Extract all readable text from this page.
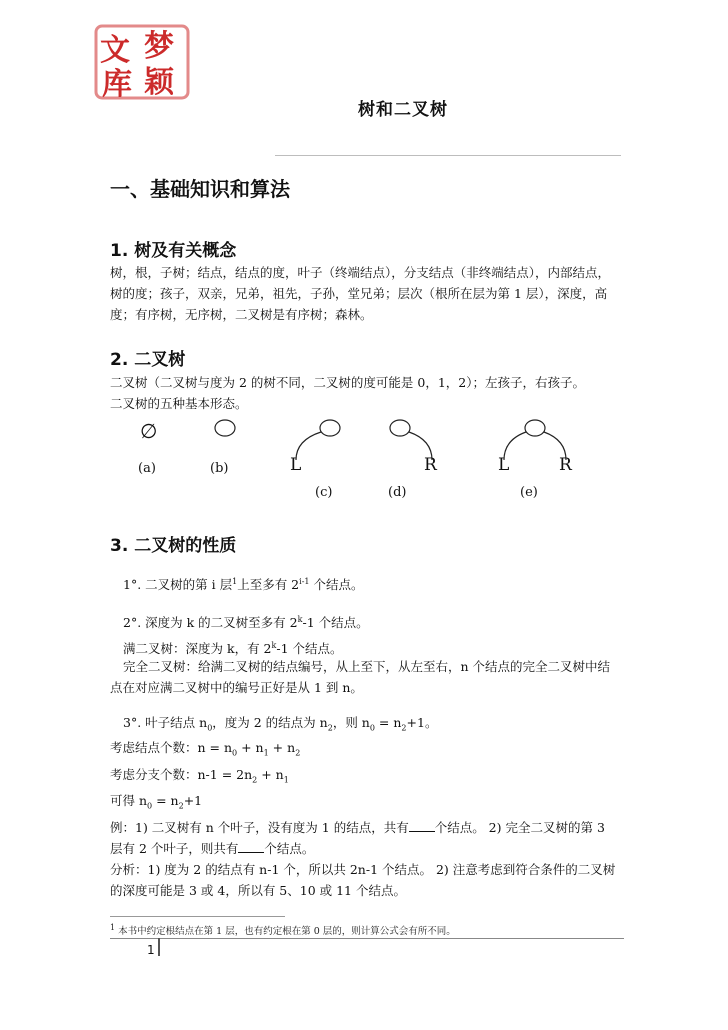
文 梦
库 颖
树和二叉树
一、基础知识和算法
1. 树及有关概念
树，根，子树；结点，结点的度，叶子（终端结点），分支结点（非终端结点），内部结点，
树的度；孩子，双亲，兄弟，祖先，子孙，堂兄弟；层次（根所在层为第 1 层），深度，高
度；有序树，无序树，二叉树是有序树；森林。
2. 二叉树
二叉树（二叉树与度为 2 的树不同，二叉树的度可能是 0，1，2）；左孩子，右孩子。
二叉树的五种基本形态。
∅
L	R	L	R
(a)	(b)
(c)	(d)	(e)
3. 二叉树的性质
1°. 二叉树的第 i 层$^1$上至多有 2$^{i-1}$ 个结点。
2°. 深度为 k 的二叉树至多有 2$^k$-1 个结点。
满二叉树：深度为 k，有 2$^k$-1 个结点。
完全二叉树：给满二叉树的结点编号，从上至下，从左至右，n 个结点的完全二叉树中结
点在对应满二叉树中的编号正好是从 1 到 n。
3°. 叶子结点 $n_0$，度为 2 的结点为 $n_2$，则 $n_0 = n_2+1$。
考虑结点个数：$n = n_0 + n_1 + n_2$
考虑分支个数：$n-1 = 2n_2 + n_1$
可得 $n_0 = n_2+1$
例：1) 二叉树有 n 个叶子，没有度为 1 的结点，共有 个结点。 2) 完全二叉树的第 3
层有 2 个叶子，则共有 个结点。
分析：1) 度为 2 的结点有 n-1 个，所以共 2n-1 个结点。 2) 注意考虑到符合条件的二叉树
的深度可能是 3 或 4，所以有 5、10 或 11 个结点。
$^1$ 本书中约定根结点在第 1 层，也有约定根在第 0 层的，则计算公式会有所不同。
1
